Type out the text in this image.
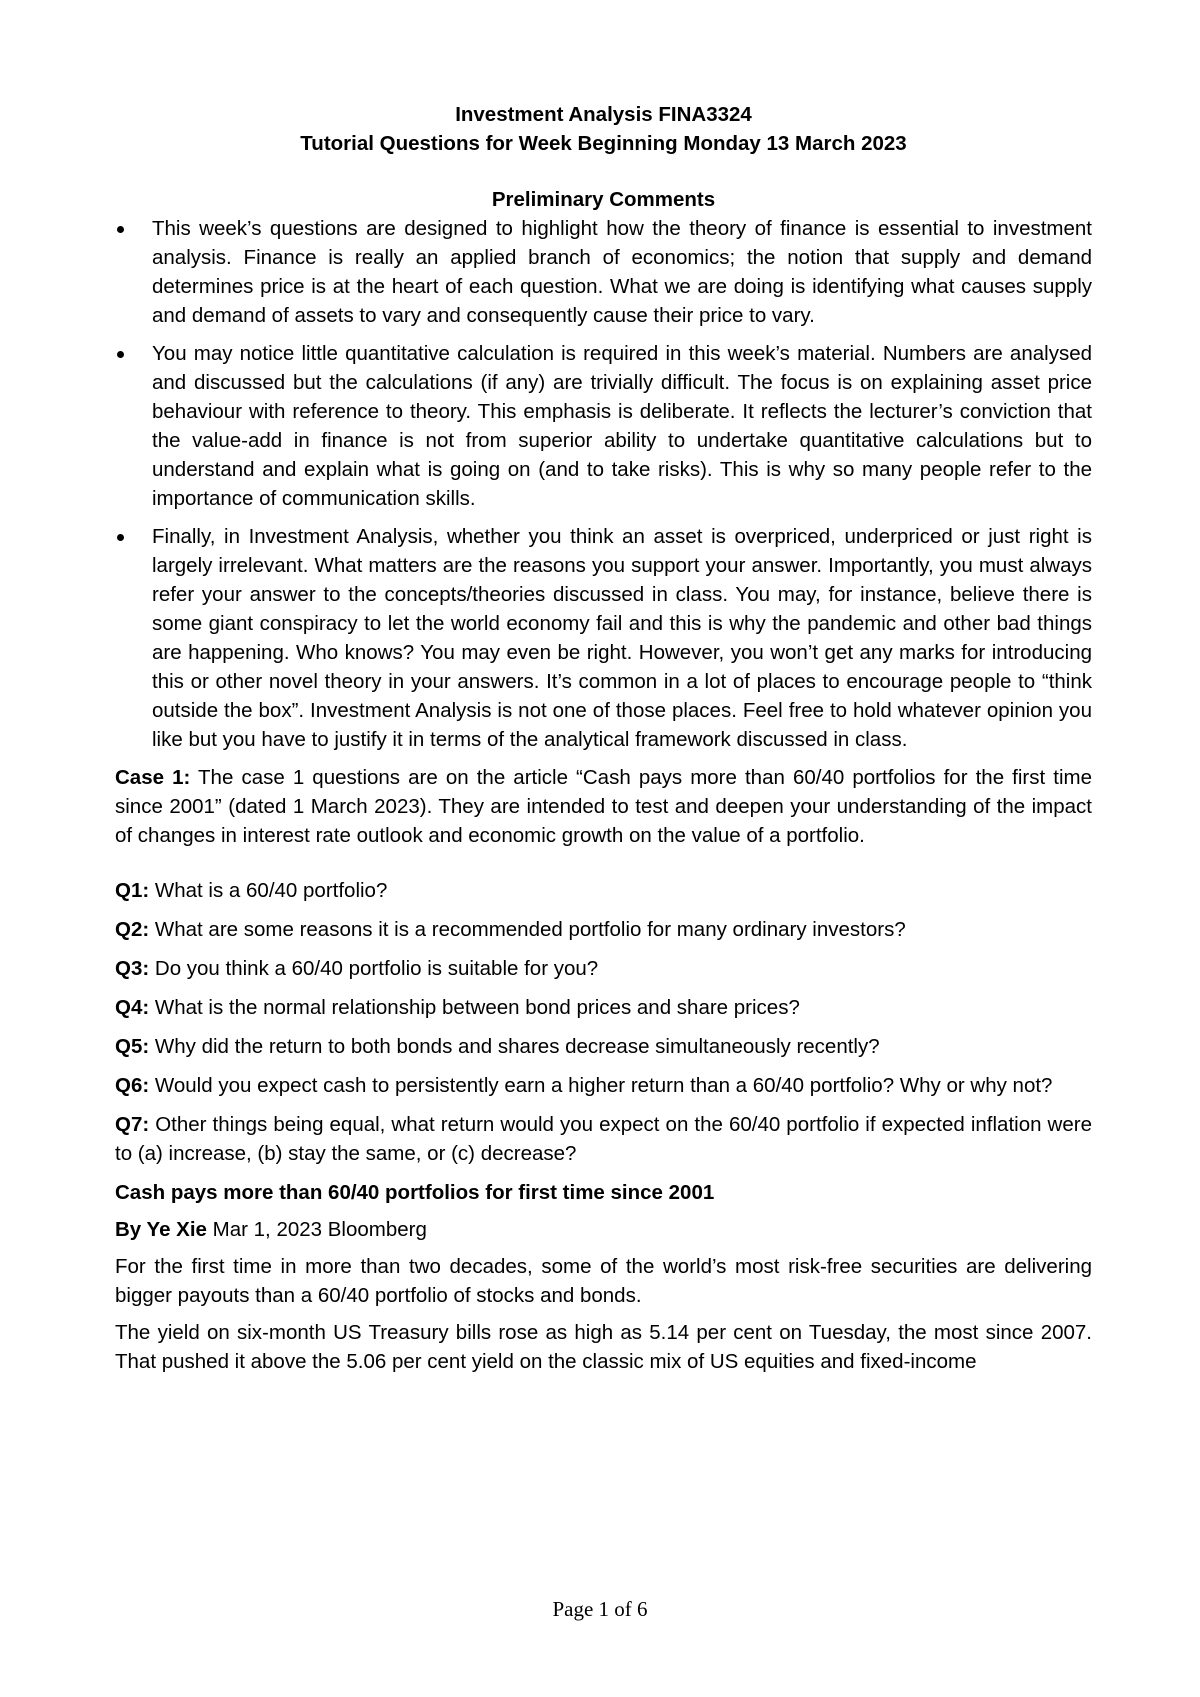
Investment Analysis FINA3324

Tutorial Questions for Week Beginning Monday 13 March 2023

Preliminary Comments

This week’s questions are designed to highlight how the theory of finance is essential to investment analysis. Finance is really an applied branch of economics; the notion that supply and demand determines price is at the heart of each question. What we are doing is identifying what causes supply and demand of assets to vary and consequently cause their price to vary.
You may notice little quantitative calculation is required in this week’s material. Numbers are analysed and discussed but the calculations (if any) are trivially difficult. The focus is on explaining asset price behaviour with reference to theory. This emphasis is deliberate. It reflects the lecturer’s conviction that the value-add in finance is not from superior ability to undertake quantitative calculations but to understand and explain what is going on (and to take risks). This is why so many people refer to the importance of communication skills.
Finally, in Investment Analysis, whether you think an asset is overpriced, underpriced or just right is largely irrelevant. What matters are the reasons you support your answer. Importantly, you must always refer your answer to the concepts/theories discussed in class. You may, for instance, believe there is some giant conspiracy to let the world economy fail and this is why the pandemic and other bad things are happening. Who knows? You may even be right. However, you won’t get any marks for introducing this or other novel theory in your answers. It’s common in a lot of places to encourage people to “think outside the box”. Investment Analysis is not one of those places. Feel free to hold whatever opinion you like but you have to justify it in terms of the analytical framework discussed in class.

Case 1: The case 1 questions are on the article “Cash pays more than 60/40 portfolios for the first time since 2001” (dated 1 March 2023). They are intended to test and deepen your understanding of the impact of changes in interest rate outlook and economic growth on the value of a portfolio.

Q1: What is a 60/40 portfolio?

Q2: What are some reasons it is a recommended portfolio for many ordinary investors?

Q3: Do you think a 60/40 portfolio is suitable for you?

Q4: What is the normal relationship between bond prices and share prices?

Q5: Why did the return to both bonds and shares decrease simultaneously recently?

Q6: Would you expect cash to persistently earn a higher return than a 60/40 portfolio? Why or why not?

Q7: Other things being equal, what return would you expect on the 60/40 portfolio if expected inflation were to (a) increase, (b) stay the same, or (c) decrease?

Cash pays more than 60/40 portfolios for first time since 2001

By Ye Xie Mar 1, 2023 Bloomberg

For the first time in more than two decades, some of the world’s most risk-free securities are delivering bigger payouts than a 60/40 portfolio of stocks and bonds.

The yield on six-month US Treasury bills rose as high as 5.14 per cent on Tuesday, the most since 2007. That pushed it above the 5.06 per cent yield on the classic mix of US equities and fixed-income

Page 1 of 6
